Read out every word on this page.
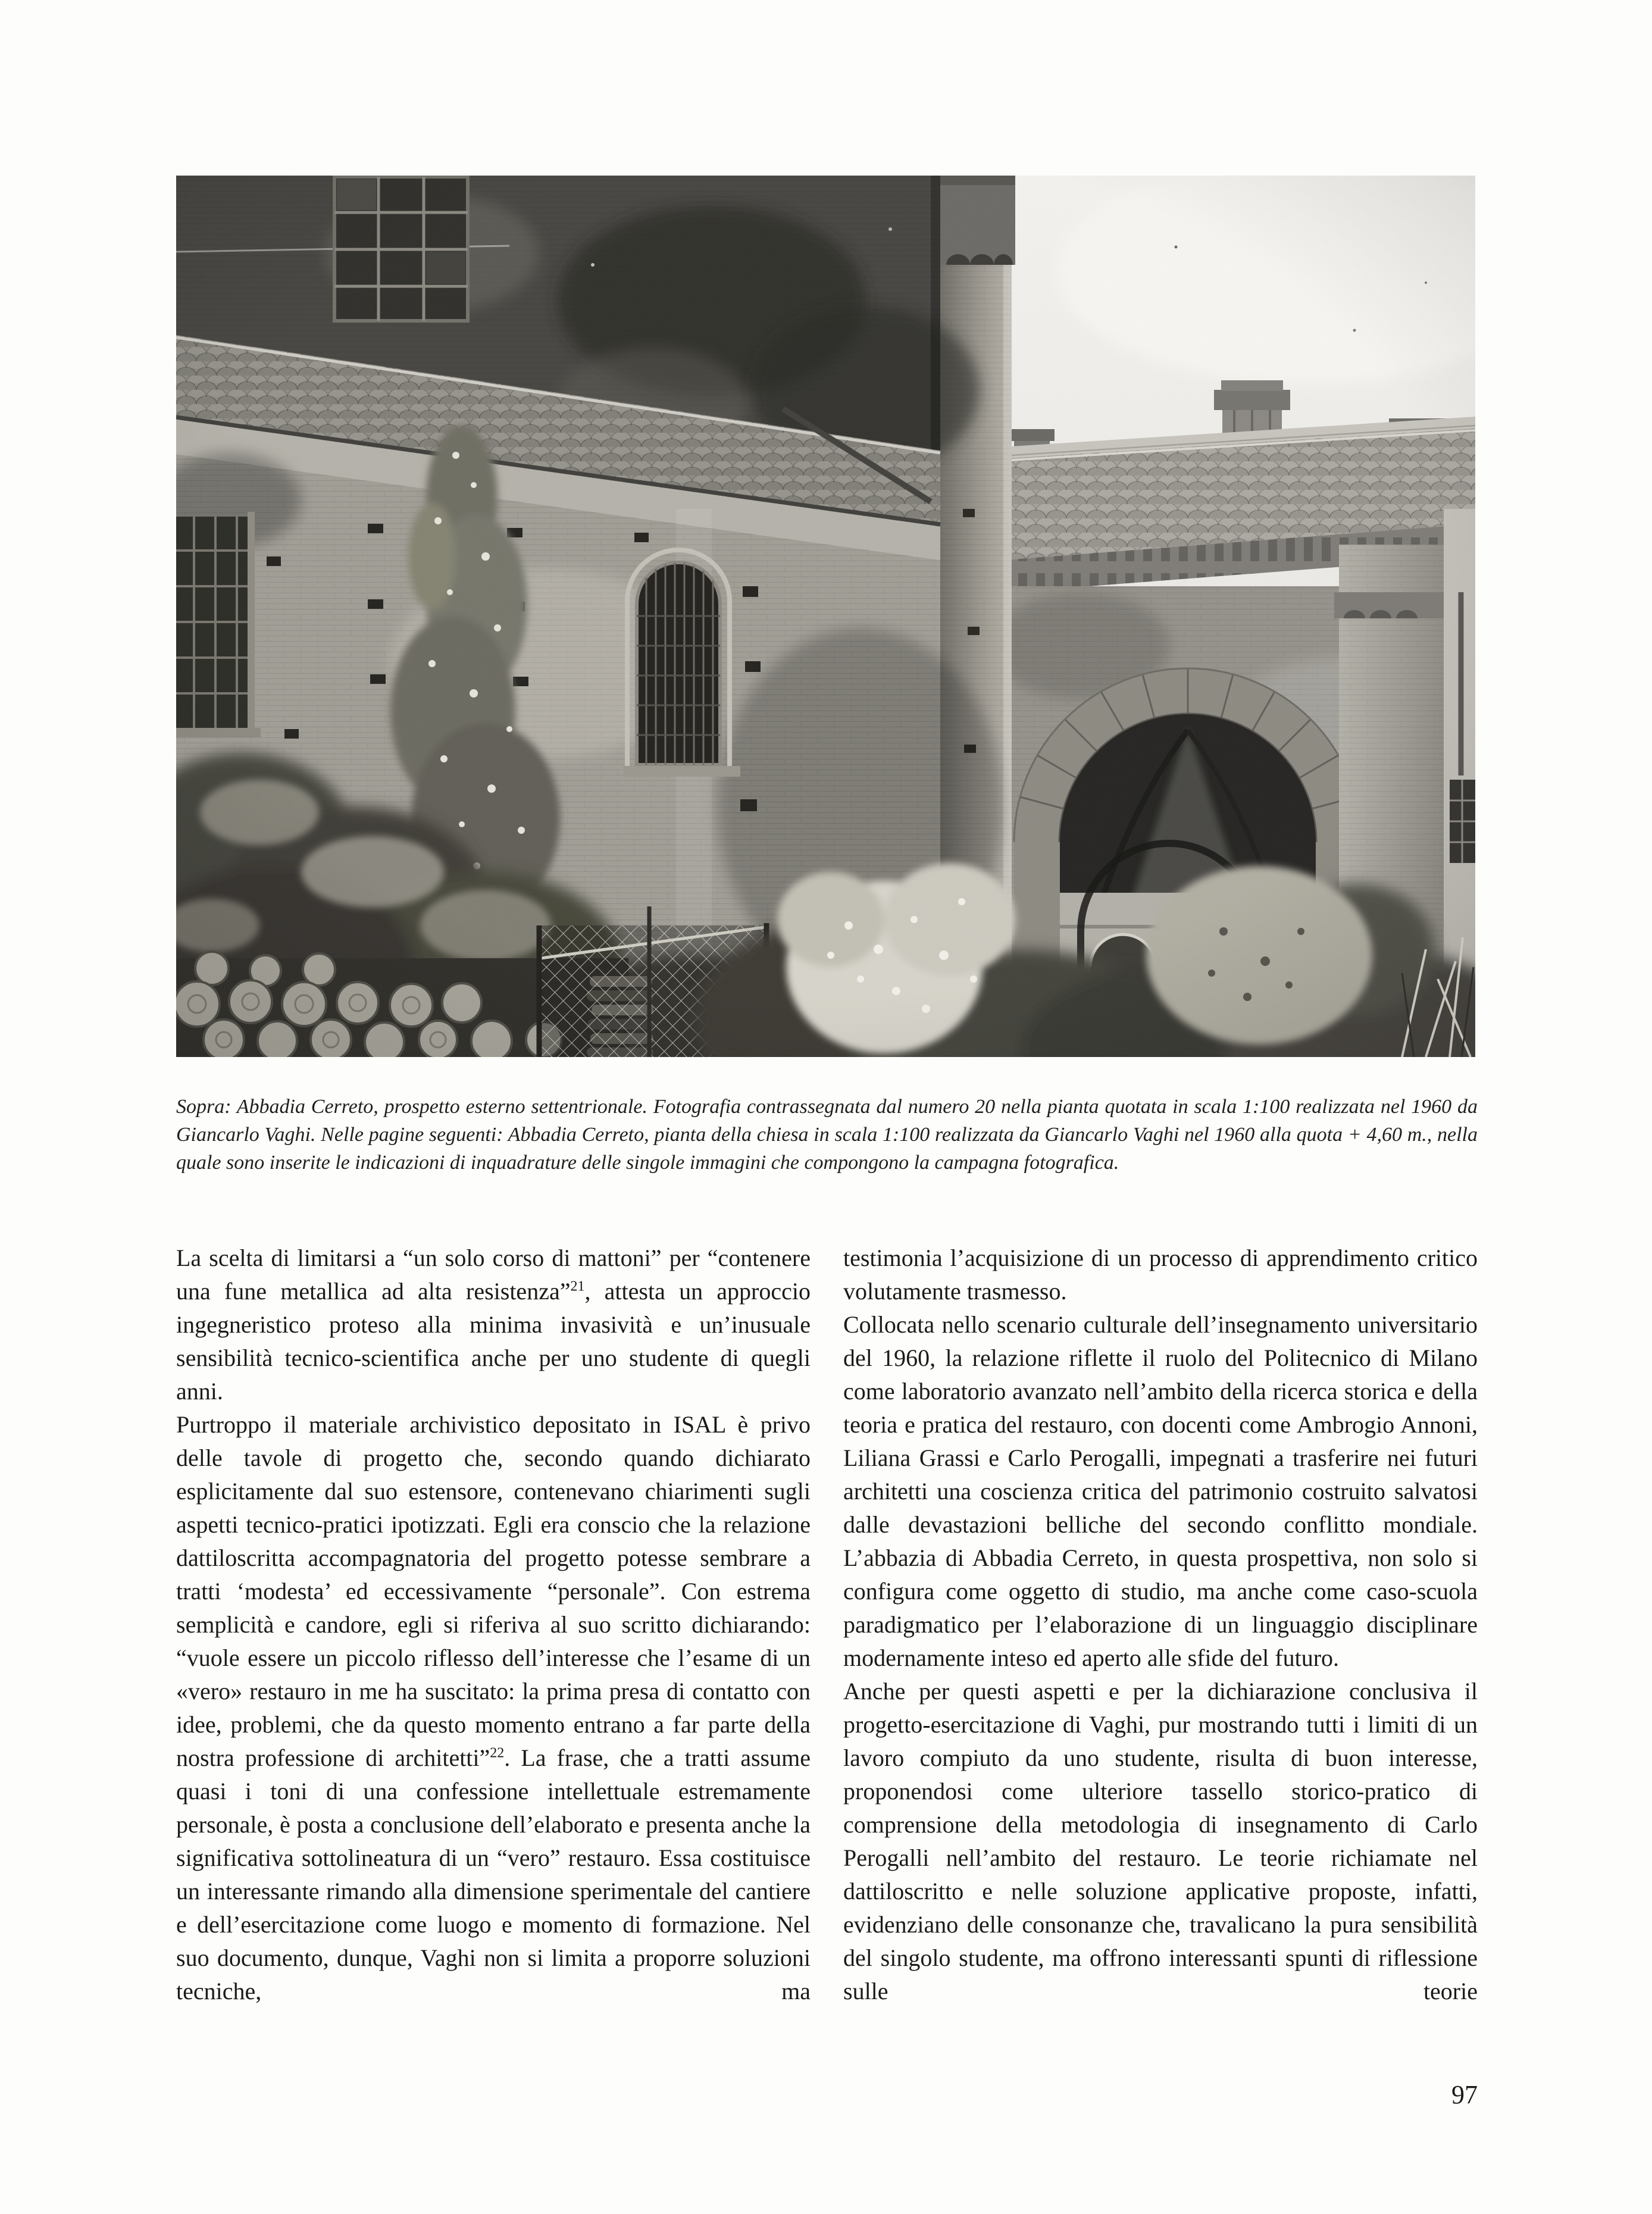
Sopra: Abbadia Cerreto, prospetto esterno settentrionale. Fotografia contrassegnata dal numero 20 nella pianta quotata in scala 1:100 realizzata nel 1960 da Giancarlo Vaghi. Nelle pagine seguenti: Abbadia Cerreto, pianta della chiesa in scala 1:100 realizzata da Giancarlo Vaghi nel 1960 alla quota + 4,60 m., nella quale sono inserite le indicazioni di inquadrature delle singole immagini che compongono la campagna fotografica.

La scelta di limitarsi a “un solo corso di mattoni” per “contenere una fune metallica ad alta resistenza”$^{21}$, attesta un approccio ingegneristico proteso alla minima invasività e un’inusuale sensibilità tecnico-scientifica anche per uno studente di quegli anni.

Purtroppo il materiale archivistico depositato in ISAL è privo delle tavole di progetto che, secondo quando dichiarato esplicitamente dal suo estensore, contenevano chiarimenti sugli aspetti tecnico-pratici ipotizzati. Egli era conscio che la relazione dattiloscritta accompagnatoria del progetto potesse sembrare a tratti ‘modesta’ ed eccessivamente “personale”. Con estrema semplicità e candore, egli si riferiva al suo scritto dichiarando: “vuole essere un piccolo riflesso dell’interesse che l’esame di un «vero» restauro in me ha suscitato: la prima presa di contatto con idee, problemi, che da questo momento entrano a far parte della nostra professione di architetti”$^{22}$. La frase, che a tratti assume quasi i toni di una confessione intellettuale estremamente personale, è posta a conclusione dell’elaborato e presenta anche la significativa sottolineatura di un “vero” restauro. Essa costituisce un interessante rimando alla dimensione sperimentale del cantiere e dell’esercitazione come luogo e momento di formazione. Nel suo documento, dunque, Vaghi non si limita a proporre soluzioni tecniche, ma

testimonia l’acquisizione di un processo di apprendimento critico volutamente trasmesso.

Collocata nello scenario culturale dell’insegnamento universitario del 1960, la relazione riflette il ruolo del Politecnico di Milano come laboratorio avanzato nell’ambito della ricerca storica e della teoria e pratica del restauro, con docenti come Ambrogio Annoni, Liliana Grassi e Carlo Perogalli, impegnati a trasferire nei futuri architetti una coscienza critica del patrimonio costruito salvatosi dalle devastazioni belliche del secondo conflitto mondiale. L’abbazia di Abbadia Cerreto, in questa prospettiva, non solo si configura come oggetto di studio, ma anche come caso-scuola paradigmatico per l’elaborazione di un linguaggio disciplinare modernamente inteso ed aperto alle sfide del futuro.

Anche per questi aspetti e per la dichiarazione conclusiva il progetto-esercitazione di Vaghi, pur mostrando tutti i limiti di un lavoro compiuto da uno studente, risulta di buon interesse, proponendosi come ulteriore tassello storico-pratico di comprensione della metodologia di insegnamento di Carlo Perogalli nell’ambito del restauro. Le teorie richiamate nel dattiloscritto e nelle soluzione applicative proposte, infatti, evidenziano delle consonanze che, travalicano la pura sensibilità del singolo studente, ma offrono interessanti spunti di riflessione sulle teorie

97
